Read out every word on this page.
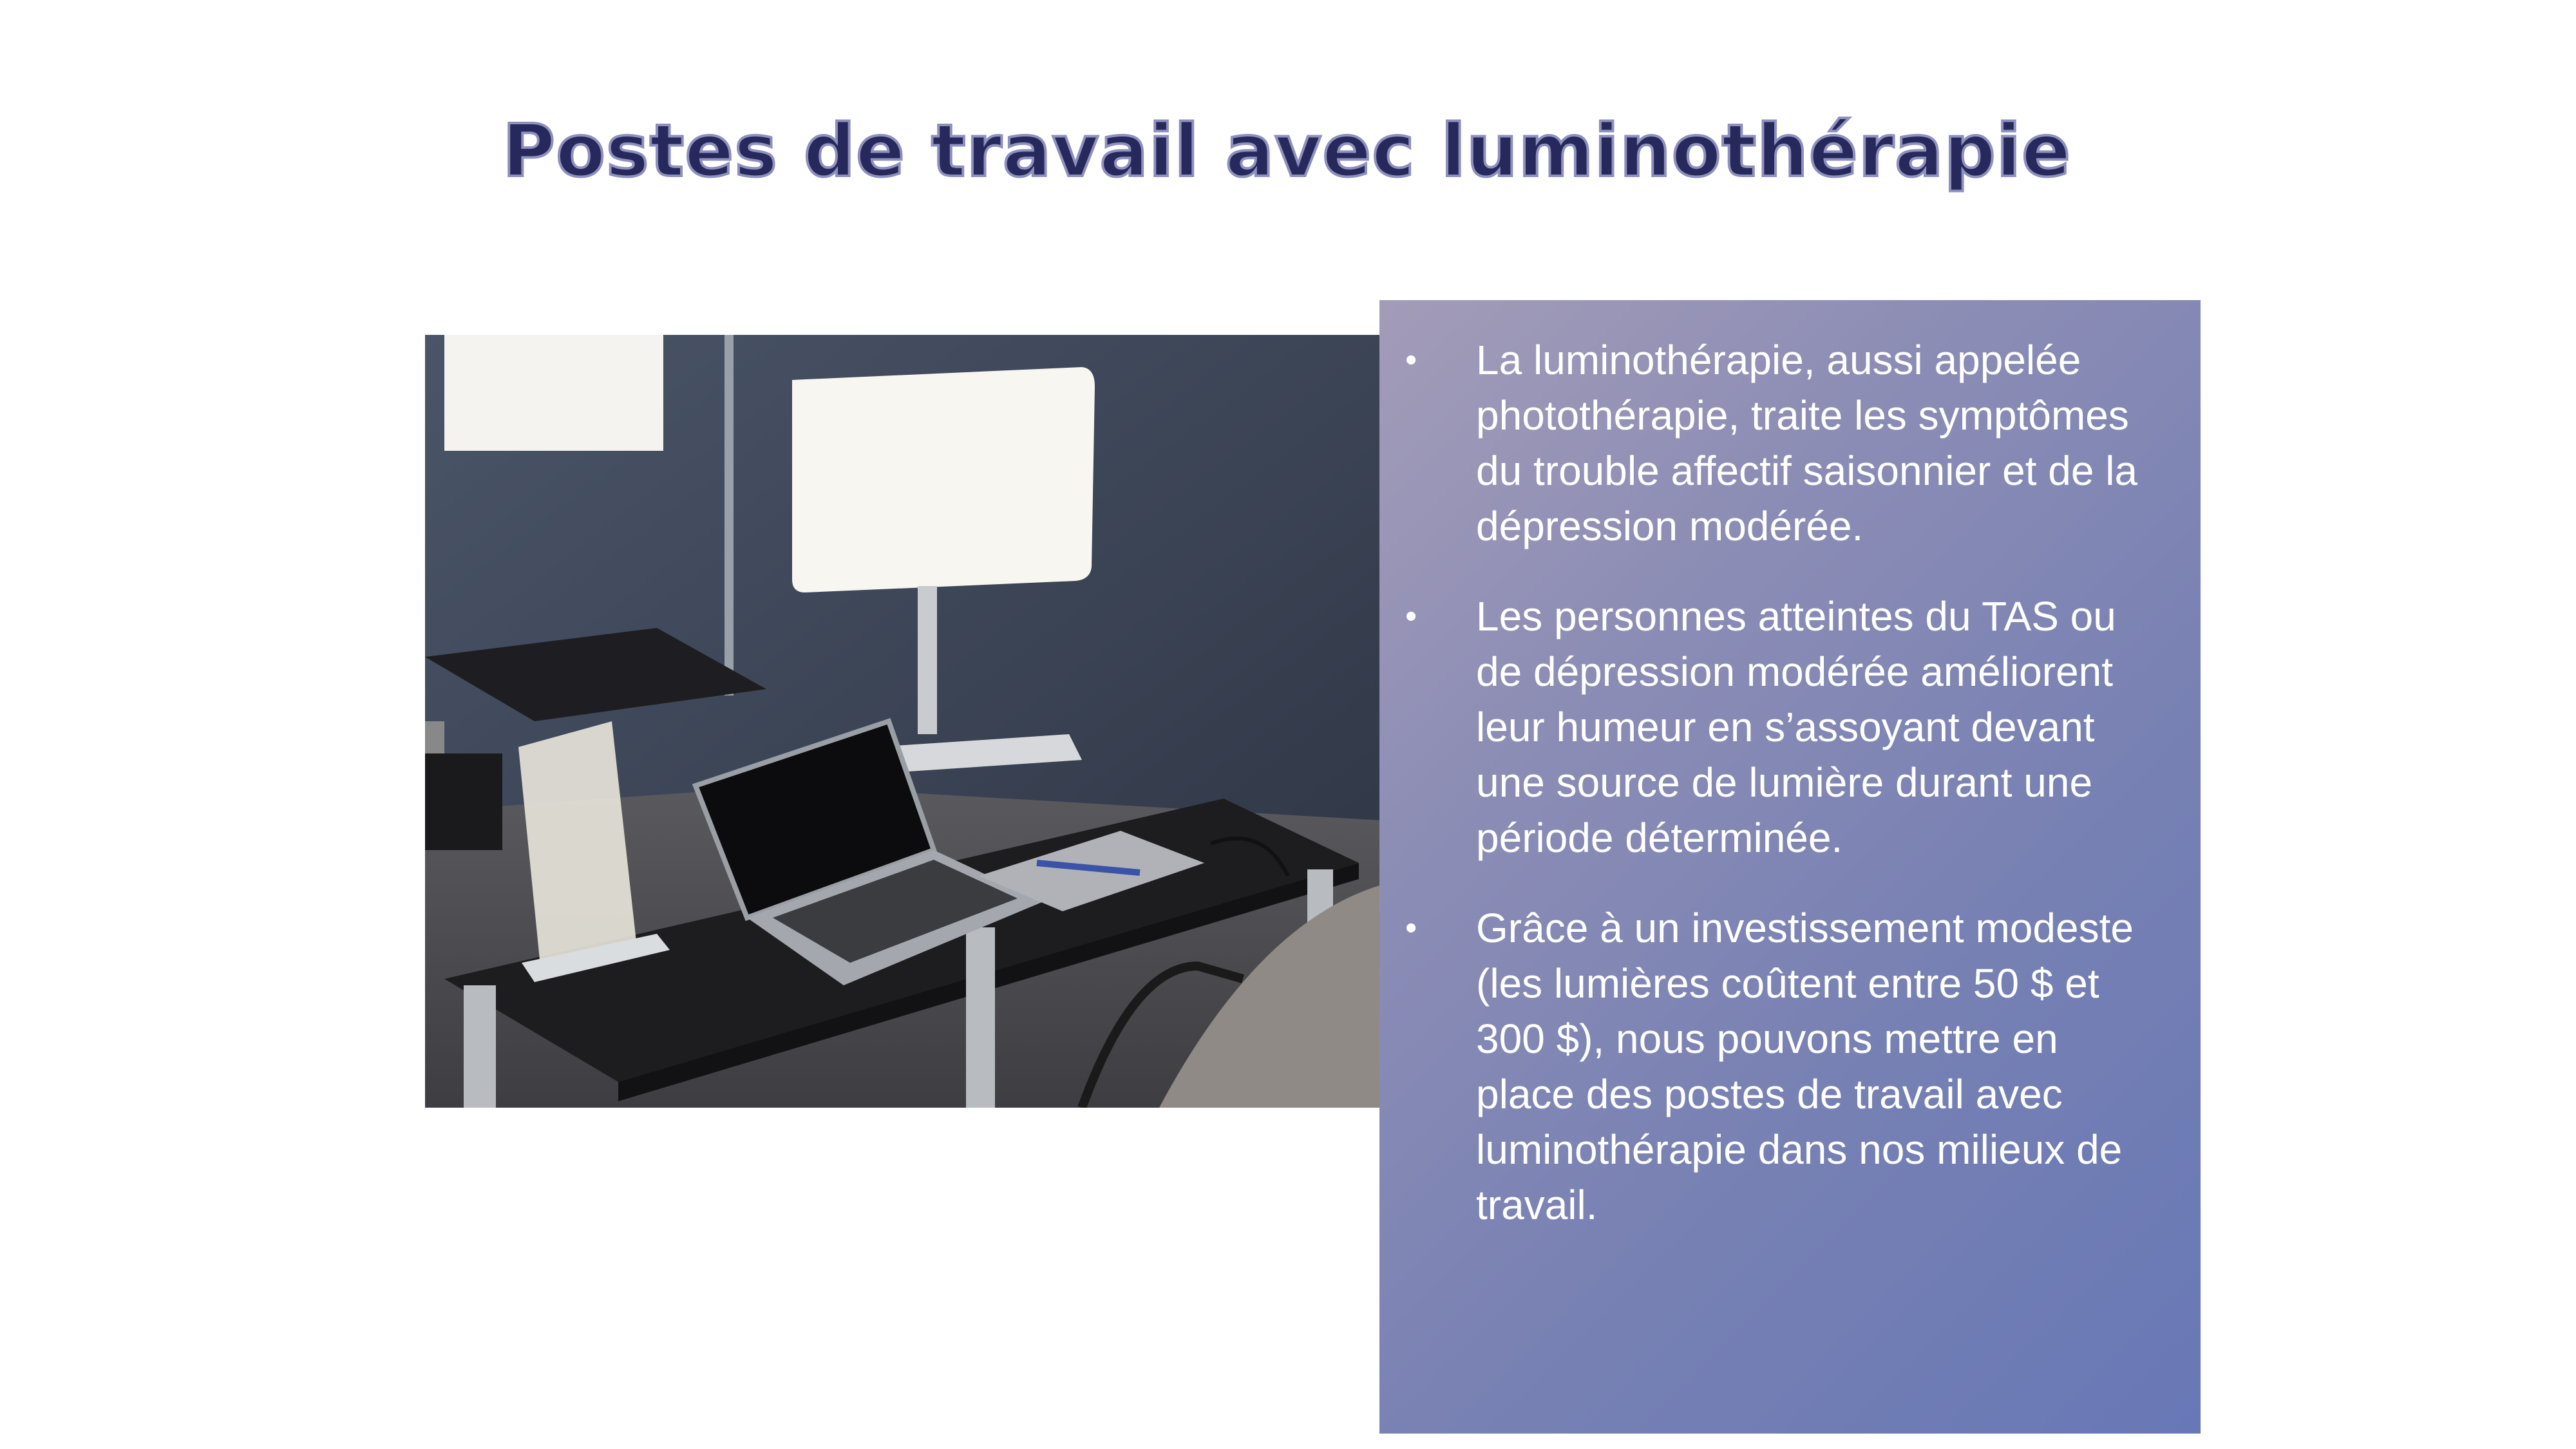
Postes de travail avec luminothérapie
• La luminothérapie, aussi appelée photothérapie, traite les symptômes du trouble affectif saisonnier et de la dépression modérée.
• Les personnes atteintes du TAS ou de dépression modérée améliorent leur humeur en s’assoyant devant une source de lumière durant une période déterminée.
• Grâce à un investissement modeste (les lumières coûtent entre 50 $ et 300 $), nous pouvons mettre en place des postes de travail avec luminothérapie dans nos milieux de travail.
